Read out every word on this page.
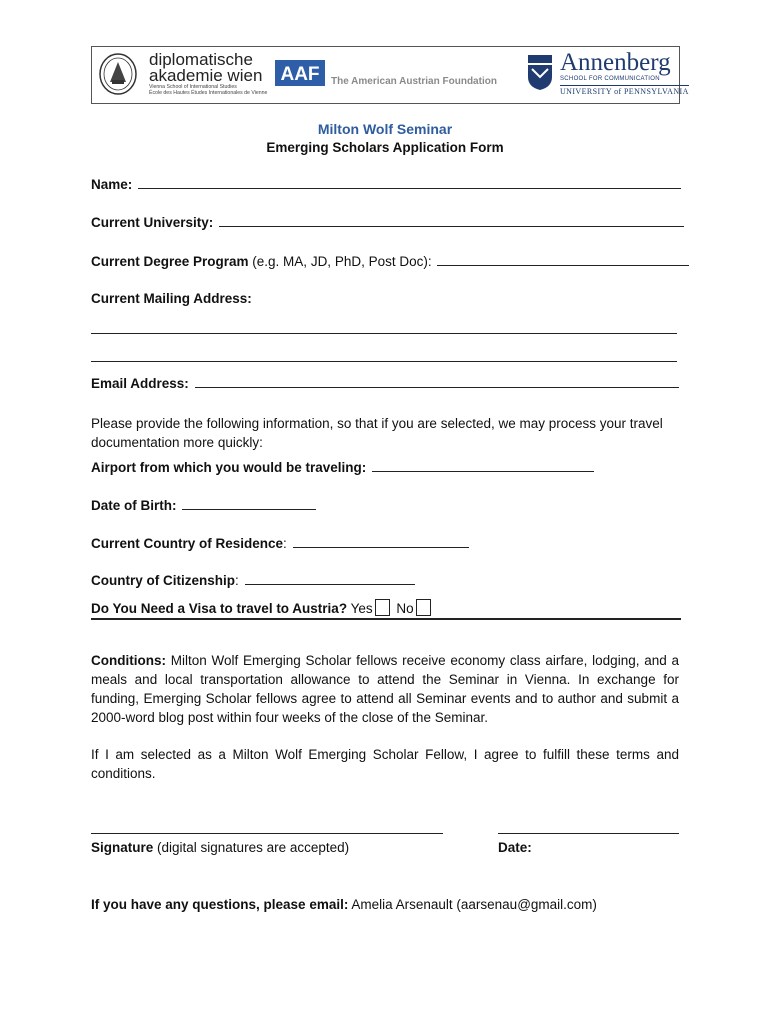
diplomatische
akademie wien
Vienna School of International Studies
École des Hautes Études Internationales de Vienne
AAF The American Austrian Foundation
Annenberg
SCHOOL FOR COMMUNICATION
UNIVERSITY of PENNSYLVANIA
Milton Wolf Seminar
Emerging Scholars Application Form
Name:
Current University:
Current Degree Program (e.g. MA, JD, PhD, Post Doc):
Current Mailing Address:
Email Address:
Please provide the following information, so that if you are selected, we may process your travel documentation more quickly:
Airport from which you would be traveling:
Date of Birth:
Current Country of Residence:
Country of Citizenship:
Do You Need a Visa to travel to Austria? Yes No
Conditions: Milton Wolf Emerging Scholar fellows receive economy class airfare, lodging, and a meals and local transportation allowance to attend the Seminar in Vienna. In exchange for funding, Emerging Scholar fellows agree to attend all Seminar events and to author and submit a 2000-word blog post within four weeks of the close of the Seminar.
If I am selected as a Milton Wolf Emerging Scholar Fellow, I agree to fulfill these terms and conditions.
Signature (digital signatures are accepted)	Date:
If you have any questions, please email: Amelia Arsenault (aarsenau@gmail.com)
